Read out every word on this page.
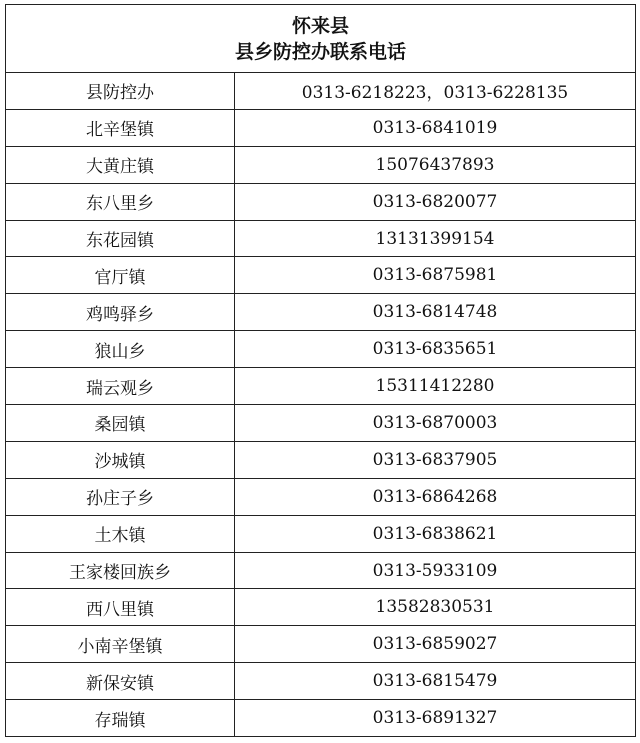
怀来县
县乡防控办联系电话	

县防控办	0313-6218223，0313-6228135
北辛堡镇	0313-6841019
大黄庄镇	15076437893
东八里乡	0313-6820077
东花园镇	13131399154
官厅镇	0313-6875981
鸡鸣驿乡	0313-6814748
狼山乡	0313-6835651
瑞云观乡	15311412280
桑园镇	0313-6870003
沙城镇	0313-6837905
孙庄子乡	0313-6864268
土木镇	0313-6838621
王家楼回族乡	0313-5933109
西八里镇	13582830531
小南辛堡镇	0313-6859027
新保安镇	0313-6815479
存瑞镇	0313-6891327
